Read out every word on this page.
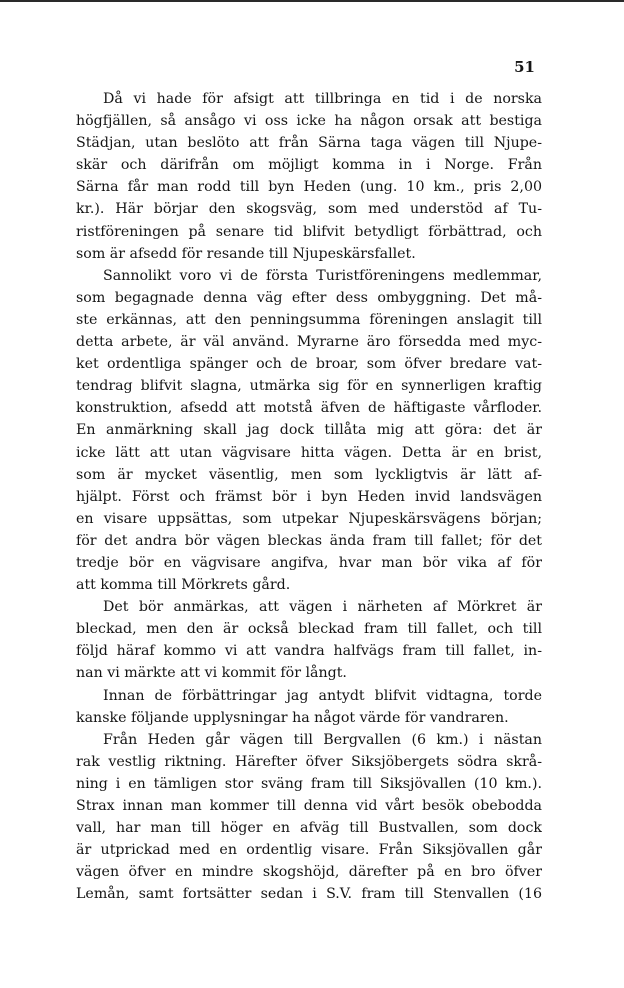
51
Då vi hade för afsigt att tillbringa en tid i de norska
högfjällen, så ansågo vi oss icke ha någon orsak att bestiga
Städjan, utan beslöto att från Särna taga vägen till Njupe-
skär och därifrån om möjligt komma in i Norge. Från
Särna får man rodd till byn Heden (ung. 10 km., pris 2,00
kr.). Här börjar den skogsväg, som med understöd af Tu-
ristföreningen på senare tid blifvit betydligt förbättrad, och
som är afsedd för resande till Njupeskärsfallet.
Sannolikt voro vi de första Turistföreningens medlemmar,
som begagnade denna väg efter dess ombyggning. Det må-
ste erkännas, att den penningsumma föreningen anslagit till
detta arbete, är väl använd. Myrarne äro försedda med myc-
ket ordentliga spänger och de broar, som öfver bredare vat-
tendrag blifvit slagna, utmärka sig för en synnerligen kraftig
konstruktion, afsedd att motstå äfven de häftigaste vårfloder.
En anmärkning skall jag dock tillåta mig att göra: det är
icke lätt att utan vägvisare hitta vägen. Detta är en brist,
som är mycket väsentlig, men som lyckligtvis är lätt af-
hjälpt. Först och främst bör i byn Heden invid landsvägen
en visare uppsättas, som utpekar Njupeskärsvägens början;
för det andra bör vägen bleckas ända fram till fallet; för det
tredje bör en vägvisare angifva, hvar man bör vika af för
att komma till Mörkrets gård.
Det bör anmärkas, att vägen i närheten af Mörkret är
bleckad, men den är också bleckad fram till fallet, och till
följd häraf kommo vi att vandra halfvägs fram till fallet, in-
nan vi märkte att vi kommit för långt.
Innan de förbättringar jag antydt blifvit vidtagna, torde
kanske följande upplysningar ha något värde för vandraren.
Från Heden går vägen till Bergvallen (6 km.) i nästan
rak vestlig riktning. Härefter öfver Siksjöbergets södra skrå-
ning i en tämligen stor sväng fram till Siksjövallen (10 km.).
Strax innan man kommer till denna vid vårt besök obebodda
vall, har man till höger en afväg till Bustvallen, som dock
är utprickad med en ordentlig visare. Från Siksjövallen går
vägen öfver en mindre skogshöjd, därefter på en bro öfver
Lemån, samt fortsätter sedan i S.V. fram till Stenvallen (16
